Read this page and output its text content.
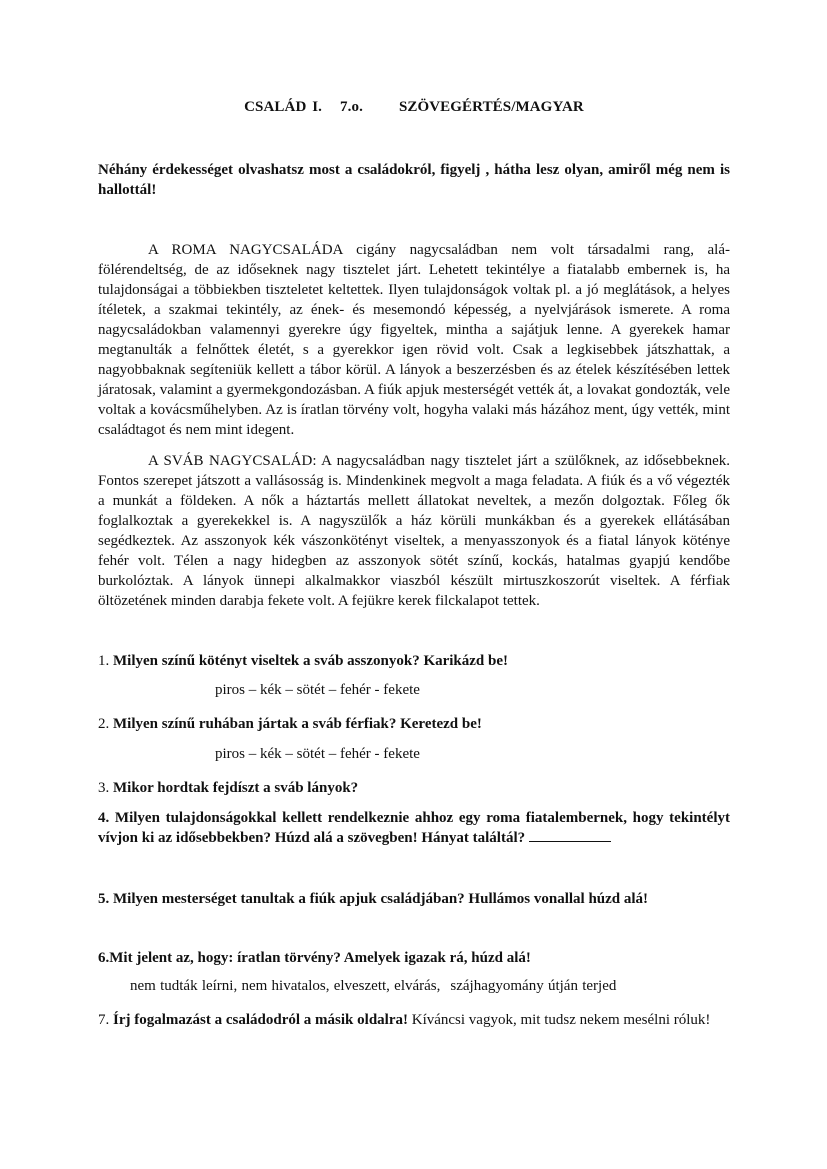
CSALÁD I. 7.o. SZÖVEGÉRTÉS/MAGYAR
Néhány érdekességet olvashatsz most a családokról, figyelj , hátha lesz olyan, amiről még nem is hallottál!
A ROMA NAGYCSALÁDA cigány nagycsaládban nem volt társadalmi rang, alá-fölérendeltség, de az időseknek nagy tisztelet járt. Lehetett tekintélye a fiatalabb embernek is, ha tulajdonságai a többiekben tiszteletet keltettek. Ilyen tulajdonságok voltak pl. a jó meglátások, a helyes ítéletek, a szakmai tekintély, az ének- és mesemondó képesség, a nyelvjárások ismerete. A roma nagycsaládokban valamennyi gyerekre úgy figyeltek, mintha a sajátjuk lenne. A gyerekek hamar megtanulták a felnőttek életét, s a gyerekkor igen rövid volt. Csak a legkisebbek játszhattak, a nagyobbaknak segíteniük kellett a tábor körül. A lányok a beszerzésben és az ételek készítésében lettek járatosak, valamint a gyermekgondozásban. A fiúk apjuk mesterségét vették át, a lovakat gondozták, vele voltak a kovácsműhelyben. Az is íratlan törvény volt, hogyha valaki más házához ment, úgy vették, mint családtagot és nem mint idegent.
A SVÁB NAGYCSALÁD: A nagycsaládban nagy tisztelet járt a szülőknek, az idősebbeknek. Fontos szerepet játszott a vallásosság is. Mindenkinek megvolt a maga feladata. A fiúk és a vő végezték a munkát a földeken. A nők a háztartás mellett állatokat neveltek, a mezőn dolgoztak. Főleg ők foglalkoztak a gyerekekkel is. A nagyszülők a ház körüli munkákban és a gyerekek ellátásában segédkeztek. Az asszonyok kék vászonkötényt viseltek, a menyasszonyok és a fiatal lányok köténye fehér volt. Télen a nagy hidegben az asszonyok sötét színű, kockás, hatalmas gyapjú kendőbe burkolóztak. A lányok ünnepi alkalmakkor viaszból készült mirtuszkoszorút viseltek. A férfiak öltözetének minden darabja fekete volt. A fejükre kerek filckalapot tettek.
1. Milyen színű kötényt viseltek a sváb asszonyok? Karikázd be!
piros – kék – sötét – fehér - fekete
2. Milyen színű ruhában jártak a sváb férfiak? Keretezd be!
piros – kék – sötét – fehér - fekete
3. Mikor hordtak fejdíszt a sváb lányok?
4. Milyen tulajdonságokkal kellett rendelkeznie ahhoz egy roma fiatalembernek, hogy tekintélyt vívjon ki az idősebbekben? Húzd alá a szövegben! Hányat találtál?
5. Milyen mesterséget tanultak a fiúk apjuk családjában? Hullámos vonallal húzd alá!
6.Mit jelent az, hogy: íratlan törvény? Amelyek igazak rá, húzd alá!
nem tudták leírni, nem hivatalos, elveszett, elvárás, szájhagyomány útján terjed
7. Írj fogalmazást a családodról a másik oldalra! Kíváncsi vagyok, mit tudsz nekem mesélni róluk!
